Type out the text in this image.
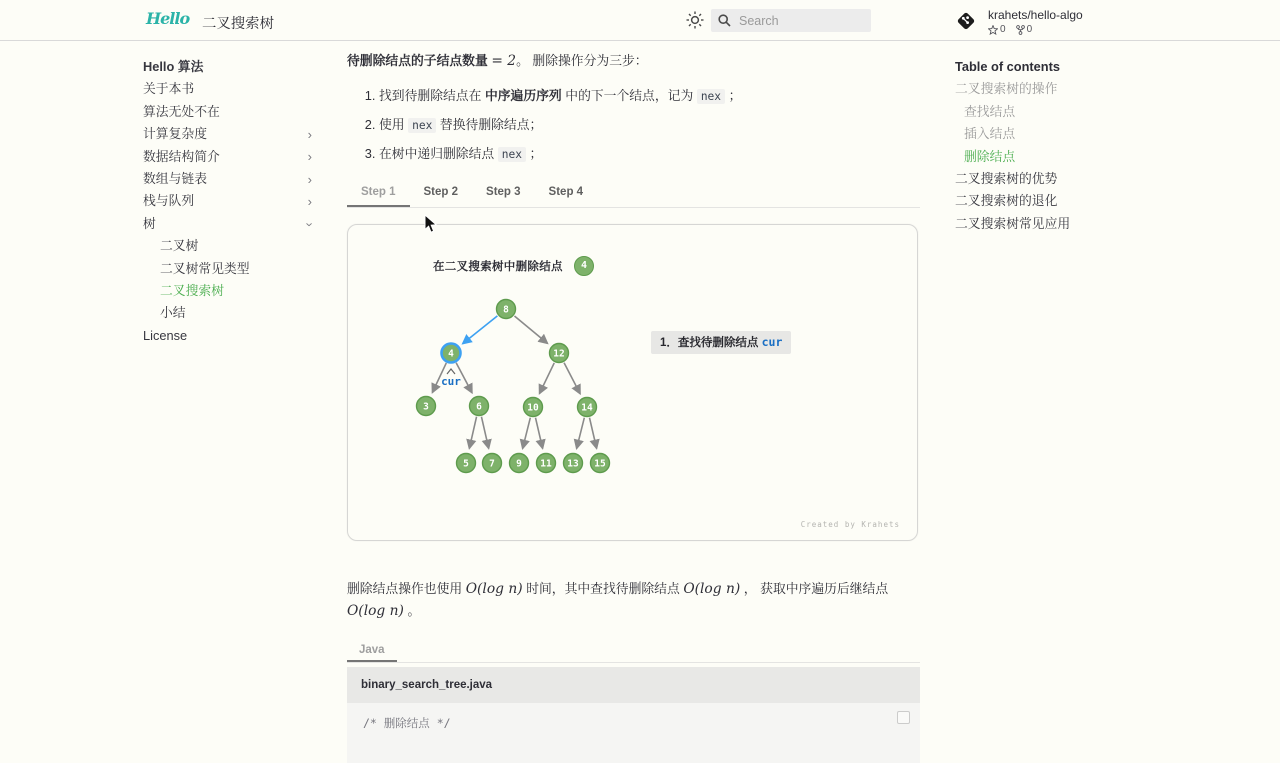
Hello 二叉搜索树
Search
krahets/hello-algo
0 0
Hello 算法
关于本书
算法无处不在
计算复杂度	›
数据结构简介	›
数组与链表	›
栈与队列	›
树	›
二叉树
二叉树常见类型
二叉搜索树
小结
License
Table of contents
二叉搜索树的操作
查找结点
插入结点
删除结点
二叉搜索树的优势
二叉搜索树的退化
二叉搜索树常见应用

待删除结点的子结点数量 = 2。 删除操作分为三步：

1. 找到待删除结点在 中序遍历序列 中的下一个结点，记为 nex ；
2. 使用 nex 替换待删除结点；
3. 在树中递归删除结点 nex ；
Step 1	Step 2	Step 3	Step 4
8
4	12
3	6	10	14
5 7 9 11 13 15
cur
在二叉搜索树中删除结点	4
1．查找待删除结点 cur
Created by Krahets

删除结点操作也使用 O(log n) 时间，其中查找待删除结点 O(log n) ， 获取中序遍历后继结点 O(log n) 。

Java
binary_search_tree.java
/* 删除结点 */
